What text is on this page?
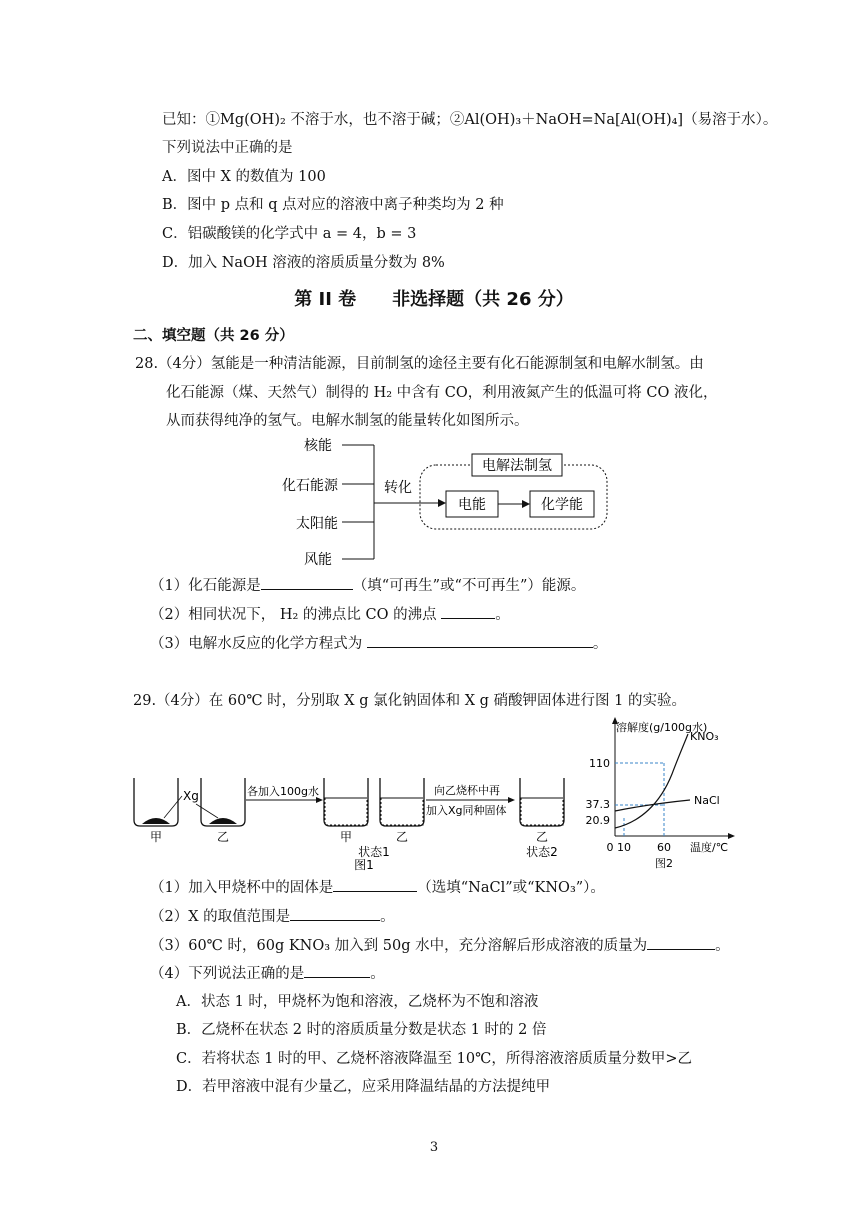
已知：①Mg(OH)₂ 不溶于水，也不溶于碱；②Al(OH)₃＋NaOH=Na[Al(OH)₄]（易溶于水）。
下列说法中正确的是
A．图中 X 的数值为 100
B．图中 p 点和 q 点对应的溶液中离子种类均为 2 种
C．铝碳酸镁的化学式中 a = 4，b = 3
D．加入 NaOH 溶液的溶质质量分数为 8%
第 II 卷　　非选择题（共 26 分）
二、填空题（共 26 分）
28.（4分）氢能是一种清洁能源，目前制氢的途径主要有化石能源制氢和电解水制氢。由
化石能源（煤、天然气）制得的 H₂ 中含有 CO，利用液氮产生的低温可将 CO 液化，
从而获得纯净的氢气。电解水制氢的能量转化如图所示。
核能
化石能源
太阳能
风能
转化
电解法制氢
电能	化学能
（1）化石能源是	（填“可再生”或“不可再生”）能源。
（2）相同状况下， H₂ 的沸点比 CO 的沸点	。
（3）电解水反应的化学方程式为	。
29.（4分）在 60℃ 时，分别取 X g 氯化钠固体和 X g 硝酸钾固体进行图 1 的实验。
甲
Xg
乙
各加入100g水
甲	乙
状态1
向乙烧杯中再
加入Xg同种固体
乙
状态2
图1
溶解度(g/100g水)
110
37.3
20.9
0 10 60 温度/℃
图2
KNO₃
NaCl
（1）加入甲烧杯中的固体是	（选填“NaCl”或“KNO₃”）。
（2）X 的取值范围是	。
（3）60℃ 时，60g KNO₃ 加入到 50g 水中，充分溶解后形成溶液的质量为	。
（4）下列说法正确的是	。
A．状态 1 时，甲烧杯为饱和溶液，乙烧杯为不饱和溶液
B．乙烧杯在状态 2 时的溶质质量分数是状态 1 时的 2 倍
C．若将状态 1 时的甲、乙烧杯溶液降温至 10℃，所得溶液溶质质量分数甲>乙
D．若甲溶液中混有少量乙，应采用降温结晶的方法提纯甲
3
